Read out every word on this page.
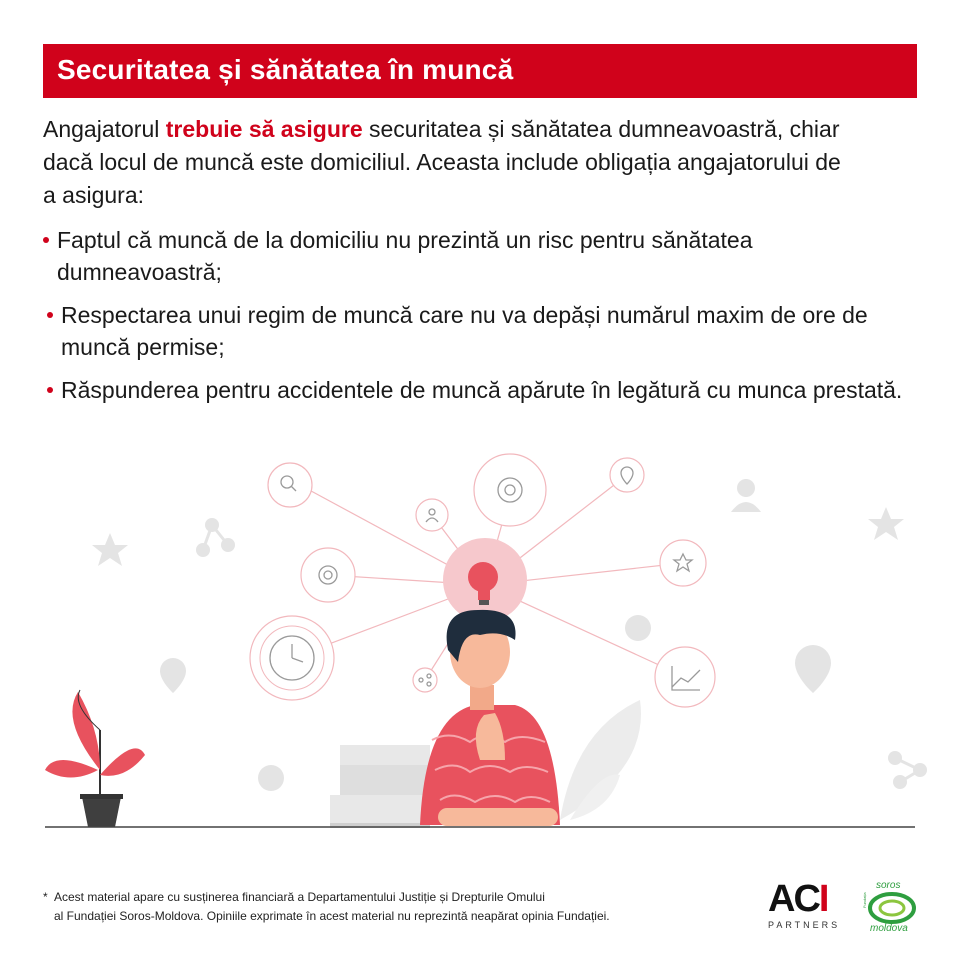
Securitatea și sănătatea în muncă
Angajatorul trebuie să asigure securitatea și sănătatea dumneavoastră, chiar
dacă locul de muncă este domiciliul. Aceasta include obligația angajatorului de
a asigura:
Faptul că muncă de la domiciliu nu prezintă un risc pentru sănătatea
dumneavoastră;
Respectarea unui regim de muncă care nu va depăși numărul maxim de ore de
muncă permise;
Răspunderea pentru accidentele de muncă apărute în legătură cu munca prestată.
* Acest material apare cu susținerea financiară a Departamentului Justiție și Drepturile Omului
al Fundației Soros-Moldova. Opiniile exprimate în acest material nu reprezintă neapărat opinia Fundației.	ACI
PARTNERS
soros
moldova
Fundația
